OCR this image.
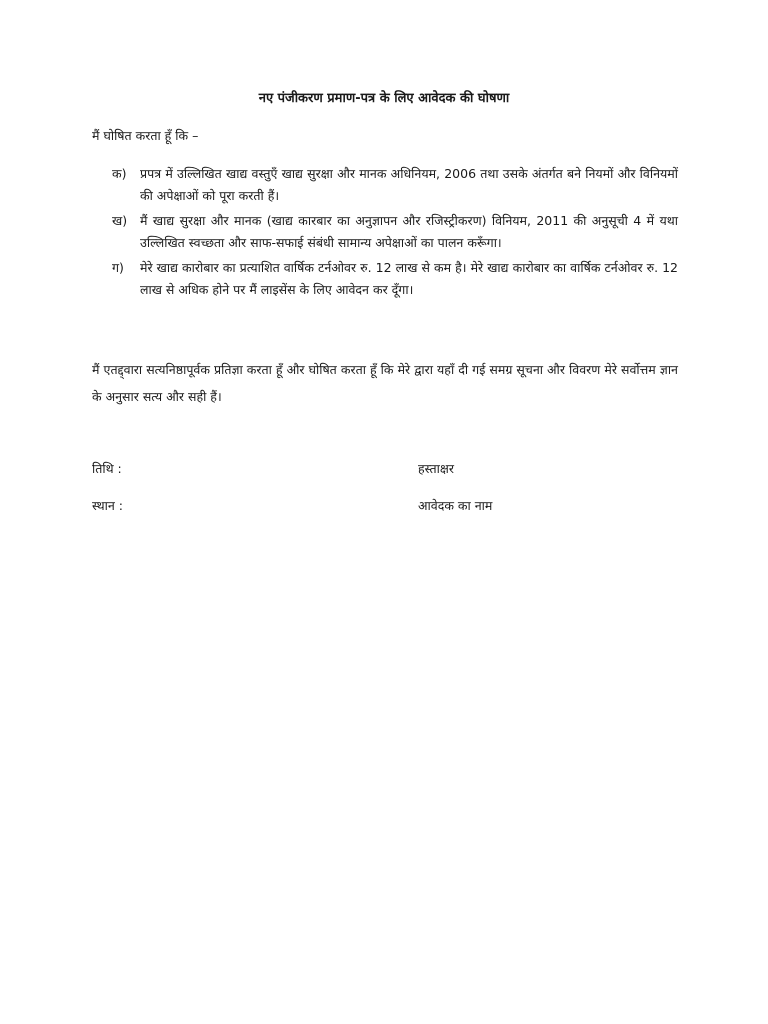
नए पंजीकरण प्रमाण-पत्र के लिए आवेदक की घोषणा
मैं घोषित करता हूँ कि –
क)	प्रपत्र में उल्लिखित खाद्य वस्तुएँ खाद्य सुरक्षा और मानक अधिनियम, 2006 तथा उसके अंतर्गत बने नियमों और विनियमों की अपेक्षाओं को पूरा करती हैं।
ख)	मैं खाद्य सुरक्षा और मानक (खाद्य कारबार का अनुज्ञापन और रजिस्ट्रीकरण) विनियम, 2011 की अनुसूची 4 में यथा उल्लिखित स्वच्छता और साफ-सफाई संबंधी सामान्य अपेक्षाओं का पालन करूँगा।
ग)	मेरे खाद्य कारोबार का प्रत्याशित वार्षिक टर्नओवर रु. 12 लाख से कम है। मेरे खाद्य कारोबार का वार्षिक टर्नओवर रु. 12 लाख से अधिक होने पर मैं लाइसेंस के लिए आवेदन कर दूँगा।
मैं एतद्द्वारा सत्यनिष्ठापूर्वक प्रतिज्ञा करता हूँ और घोषित करता हूँ कि मेरे द्वारा यहाँ दी गई समग्र सूचना और विवरण मेरे सर्वोत्तम ज्ञान के अनुसार सत्य और सही हैं।
तिथि :	हस्ताक्षर
स्थान :	आवेदक का नाम
